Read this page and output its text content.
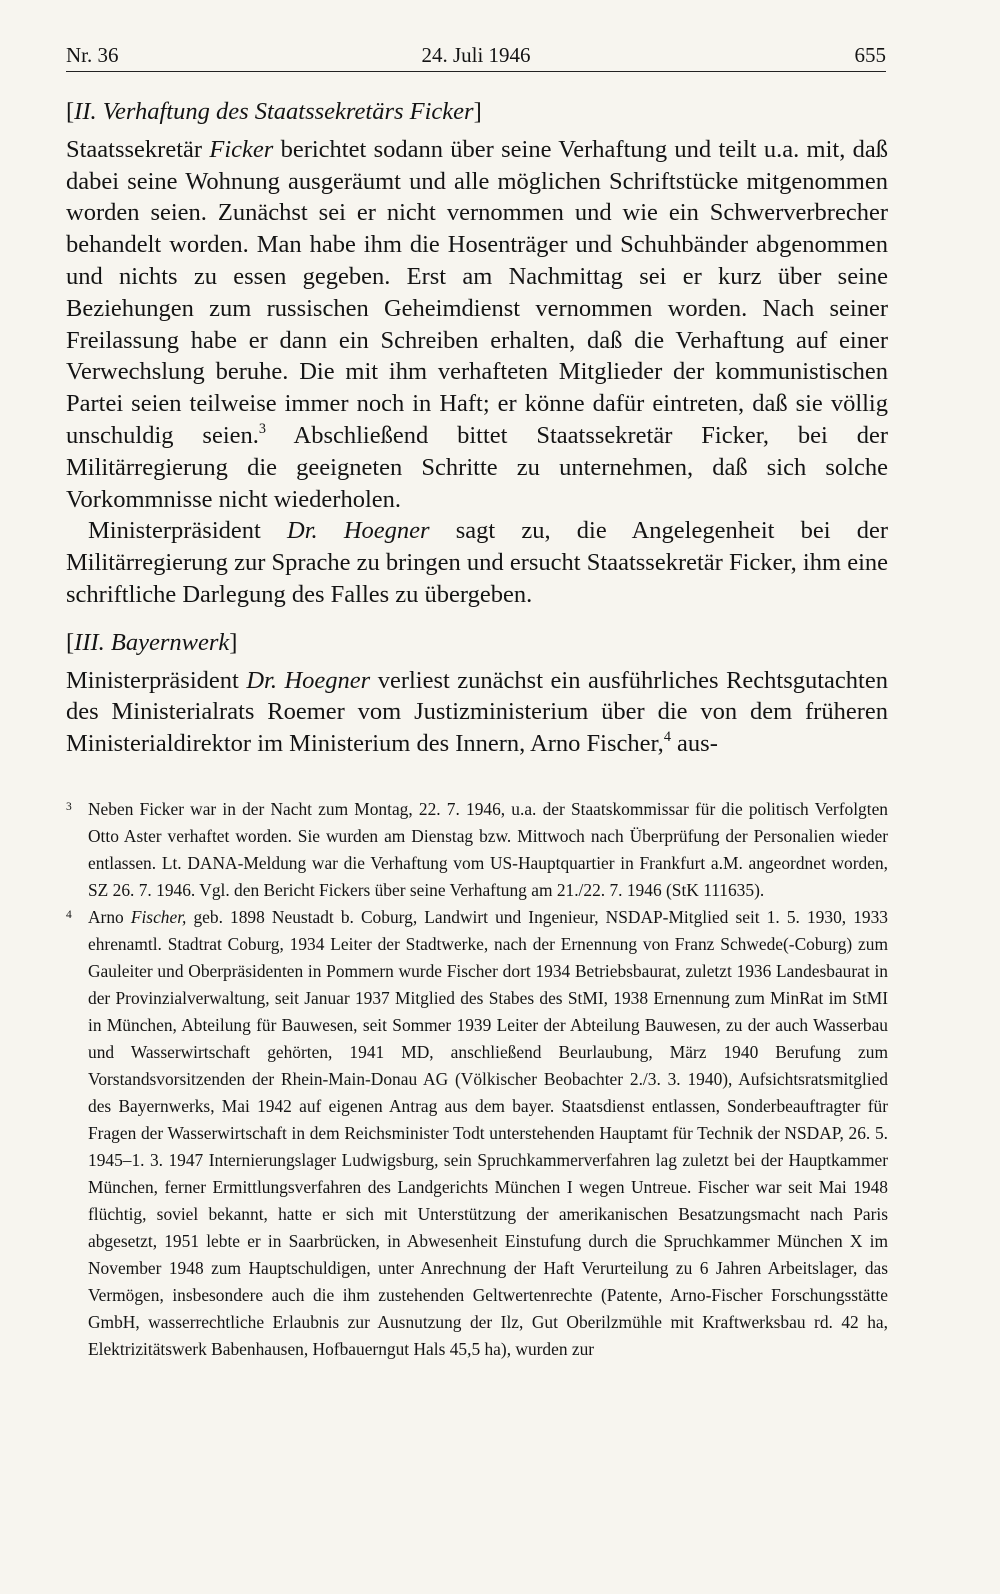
Nr. 36	24. Juli 1946	655

[II. Verhaftung des Staatssekretärs Ficker]

Staatssekretär Ficker berichtet sodann über seine Verhaftung und teilt u.a. mit, daß dabei seine Wohnung ausgeräumt und alle möglichen Schriftstücke mitgenommen worden seien. Zunächst sei er nicht vernommen und wie ein Schwerverbrecher behandelt worden. Man habe ihm die Hosenträger und Schuhbänder abgenommen und nichts zu essen gegeben. Erst am Nachmittag sei er kurz über seine Beziehungen zum russischen Geheimdienst vernommen worden. Nach seiner Freilassung habe er dann ein Schreiben erhalten, daß die Verhaftung auf einer Verwechslung beruhe. Die mit ihm verhafteten Mitglieder der kommunistischen Partei seien teilweise immer noch in Haft; er könne dafür eintreten, daß sie völlig unschuldig seien.$^3$ Abschließend bittet Staatssekretär Ficker, bei der Militärregierung die geeigneten Schritte zu unternehmen, daß sich solche Vorkommnisse nicht wiederholen.

Ministerpräsident Dr. Hoegner sagt zu, die Angelegenheit bei der Militärregierung zur Sprache zu bringen und ersucht Staatssekretär Ficker, ihm eine schriftliche Darlegung des Falles zu übergeben.

[III. Bayernwerk]

Ministerpräsident Dr. Hoegner verliest zunächst ein ausführliches Rechtsgutachten des Ministerialrats Roemer vom Justizministerium über die von dem früheren Ministerialdirektor im Ministerium des Innern, Arno Fischer,$^4$ aus-

3 Neben Ficker war in der Nacht zum Montag, 22. 7. 1946, u.a. der Staatskommissar für die politisch Verfolgten Otto Aster verhaftet worden. Sie wurden am Dienstag bzw. Mittwoch nach Überprüfung der Personalien wieder entlassen. Lt. DANA-Meldung war die Verhaftung vom US-Hauptquartier in Frankfurt a.M. angeordnet worden, SZ 26. 7. 1946. Vgl. den Bericht Fickers über seine Verhaftung am 21./22. 7. 1946 (StK 111635).

4 Arno Fischer, geb. 1898 Neustadt b. Coburg, Landwirt und Ingenieur, NSDAP-Mitglied seit 1. 5. 1930, 1933 ehrenamtl. Stadtrat Coburg, 1934 Leiter der Stadtwerke, nach der Ernennung von Franz Schwede(-Coburg) zum Gauleiter und Oberpräsidenten in Pommern wurde Fischer dort 1934 Betriebsbaurat, zuletzt 1936 Landesbaurat in der Provinzialverwaltung, seit Januar 1937 Mitglied des Stabes des StMI, 1938 Ernennung zum MinRat im StMI in München, Abteilung für Bauwesen, seit Sommer 1939 Leiter der Abteilung Bauwesen, zu der auch Wasserbau und Wasserwirtschaft gehörten, 1941 MD, anschließend Beurlaubung, März 1940 Berufung zum Vorstandsvorsitzenden der Rhein-Main-Donau AG (Völkischer Beobachter 2./3. 3. 1940), Aufsichtsratsmitglied des Bayernwerks, Mai 1942 auf eigenen Antrag aus dem bayer. Staatsdienst entlassen, Sonderbeauftragter für Fragen der Wasserwirtschaft in dem Reichsminister Todt unterstehenden Hauptamt für Technik der NSDAP, 26. 5. 1945–1. 3. 1947 Internierungslager Ludwigsburg, sein Spruchkammerverfahren lag zuletzt bei der Hauptkammer München, ferner Ermittlungsverfahren des Landgerichts München I wegen Untreue. Fischer war seit Mai 1948 flüchtig, soviel bekannt, hatte er sich mit Unterstützung der amerikanischen Besatzungsmacht nach Paris abgesetzt, 1951 lebte er in Saarbrücken, in Abwesenheit Einstufung durch die Spruchkammer München X im November 1948 zum Hauptschuldigen, unter Anrechnung der Haft Verurteilung zu 6 Jahren Arbeitslager, das Vermögen, insbesondere auch die ihm zustehenden Geltwertenrechte (Patente, Arno-Fischer Forschungsstätte GmbH, wasserrechtliche Erlaubnis zur Ausnutzung der Ilz, Gut Oberilzmühle mit Kraftwerksbau rd. 42 ha, Elektrizitätswerk Babenhausen, Hofbauerngut Hals 45,5 ha), wurden zur
